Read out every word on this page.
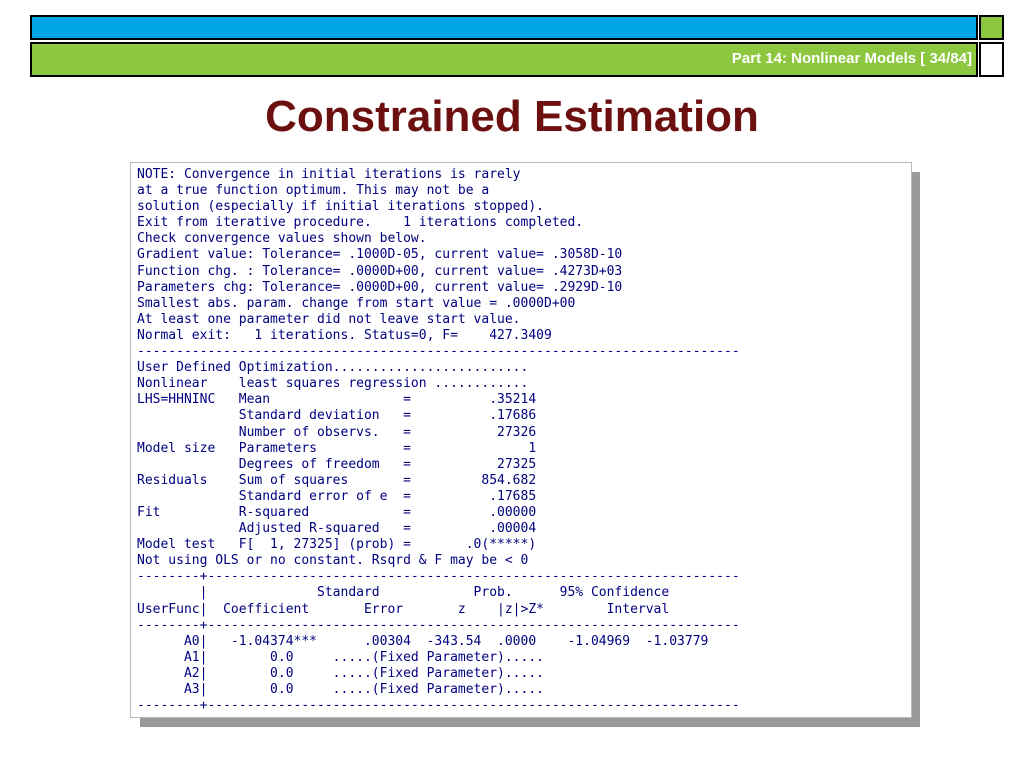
Part 14: Nonlinear Models [ 34/84]
Constrained Estimation
NOTE: Convergence in initial iterations is rarely
at a true function optimum. This may not be a
solution (especially if initial iterations stopped).
Exit from iterative procedure.    1 iterations completed.
Check convergence values shown below.
Gradient value: Tolerance= .1000D-05, current value= .3058D-10
Function chg. : Tolerance= .0000D+00, current value= .4273D+03
Parameters chg: Tolerance= .0000D+00, current value= .2929D-10
Smallest abs. param. change from start value = .0000D+00
At least one parameter did not leave start value.
Normal exit:   1 iterations. Status=0, F=    427.3409
-----------------------------------------------------------------------------
User Defined Optimization.........................
Nonlinear    least squares regression ............
LHS=HHNINC   Mean                 =          .35214
Standard deviation   =          .17686
Number of observs.   =           27326
Model size   Parameters           =               1
Degrees of freedom   =           27325
Residuals    Sum of squares       =         854.682
Standard error of e  =          .17685
Fit          R-squared            =          .00000
Adjusted R-squared   =          .00004
Model test   F[  1, 27325] (prob) =       .0(*****)
Not using OLS or no constant. Rsqrd & F may be < 0
--------+--------------------------------------------------------------------
|              Standard            Prob.      95% Confidence
UserFunc|  Coefficient       Error       z    |z|>Z*        Interval
--------+--------------------------------------------------------------------
A0|   -1.04374***      .00304  -343.54  .0000    -1.04969  -1.03779
A1|        0.0     .....(Fixed Parameter).....
A2|        0.0     .....(Fixed Parameter).....
A3|        0.0     .....(Fixed Parameter).....
--------+--------------------------------------------------------------------
